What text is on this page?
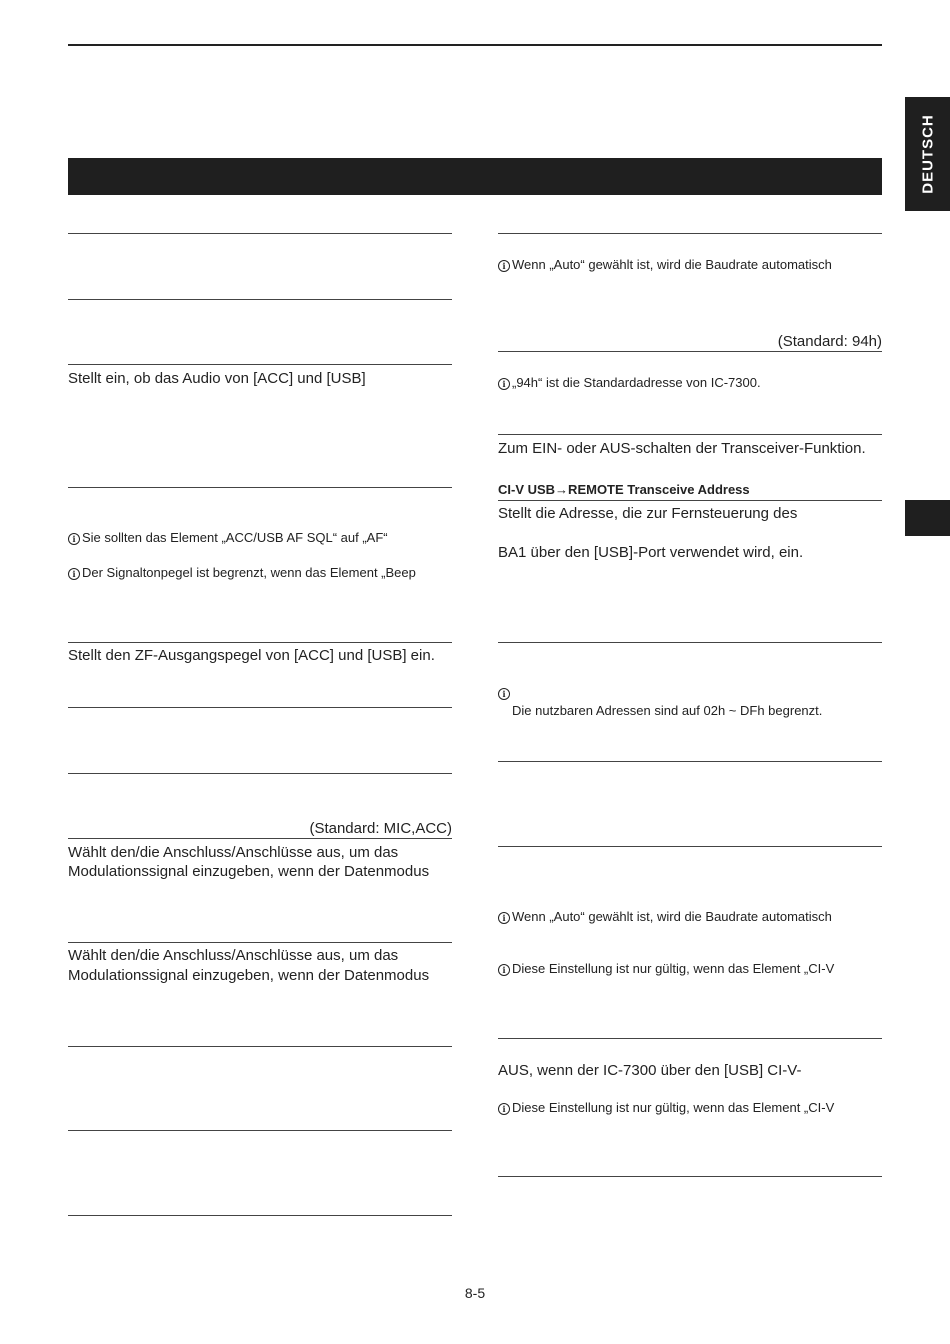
DEUTSCH
Stellt ein, ob das Audio von [ACC] und [USB]
i Sie sollten das Element „ACC/USB AF SQL“ auf „AF“
i Der Signaltonpegel ist begrenzt, wenn das Element „Beep
Stellt den ZF-Ausgangspegel von [ACC] und [USB] ein.
(Standard: MIC,ACC)
Wählt den/die Anschluss/Anschlüsse aus, um das
Modulationssignal einzugeben, wenn der Datenmodus
Wählt den/die Anschluss/Anschlüsse aus, um das
Modulationssignal einzugeben, wenn der Datenmodus
i Wenn „Auto“ gewählt ist, wird die Baudrate automatisch
(Standard: 94h)
i „94h“ ist die Standardadresse von IC-7300.
Zum EIN- oder AUS-schalten der Transceiver-Funktion.
CI-V USB→REMOTE Transceive Address
Stellt die Adresse, die zur Fernsteuerung des
BA1 über den [USB]-Port verwendet wird, ein.
i
Die nutzbaren Adressen sind auf 02h ~ DFh begrenzt.
i Wenn „Auto“ gewählt ist, wird die Baudrate automatisch
i Diese Einstellung ist nur gültig, wenn das Element „CI-V
AUS, wenn der IC-7300 über den [USB] CI-V-
i Diese Einstellung ist nur gültig, wenn das Element „CI-V
8-5
